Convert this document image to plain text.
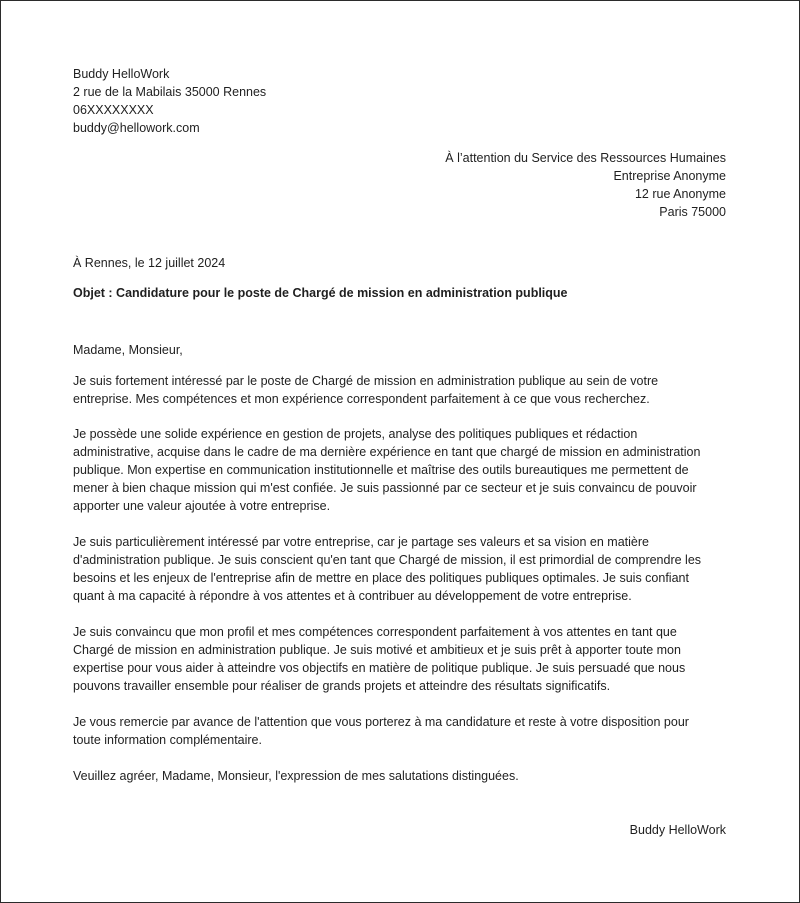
Buddy HelloWork
2 rue de la Mabilais 35000 Rennes
06XXXXXXXX
buddy@hellowork.com
À l’attention du Service des Ressources Humaines
Entreprise Anonyme
12 rue Anonyme
Paris 75000
À Rennes, le 12 juillet 2024
Objet : Candidature pour le poste de Chargé de mission en administration publique
Madame, Monsieur,
Je suis fortement intéressé par le poste de Chargé de mission en administration publique au sein de votre
entreprise. Mes compétences et mon expérience correspondent parfaitement à ce que vous recherchez.
Je possède une solide expérience en gestion de projets, analyse des politiques publiques et rédaction
administrative, acquise dans le cadre de ma dernière expérience en tant que chargé de mission en administration
publique. Mon expertise en communication institutionnelle et maîtrise des outils bureautiques me permettent de
mener à bien chaque mission qui m'est confiée. Je suis passionné par ce secteur et je suis convaincu de pouvoir
apporter une valeur ajoutée à votre entreprise.
Je suis particulièrement intéressé par votre entreprise, car je partage ses valeurs et sa vision en matière
d'administration publique. Je suis conscient qu'en tant que Chargé de mission, il est primordial de comprendre les
besoins et les enjeux de l'entreprise afin de mettre en place des politiques publiques optimales. Je suis confiant
quant à ma capacité à répondre à vos attentes et à contribuer au développement de votre entreprise.
Je suis convaincu que mon profil et mes compétences correspondent parfaitement à vos attentes en tant que
Chargé de mission en administration publique. Je suis motivé et ambitieux et je suis prêt à apporter toute mon
expertise pour vous aider à atteindre vos objectifs en matière de politique publique. Je suis persuadé que nous
pouvons travailler ensemble pour réaliser de grands projets et atteindre des résultats significatifs.
Je vous remercie par avance de l'attention que vous porterez à ma candidature et reste à votre disposition pour
toute information complémentaire.
Veuillez agréer, Madame, Monsieur, l'expression de mes salutations distinguées.
Buddy HelloWork
